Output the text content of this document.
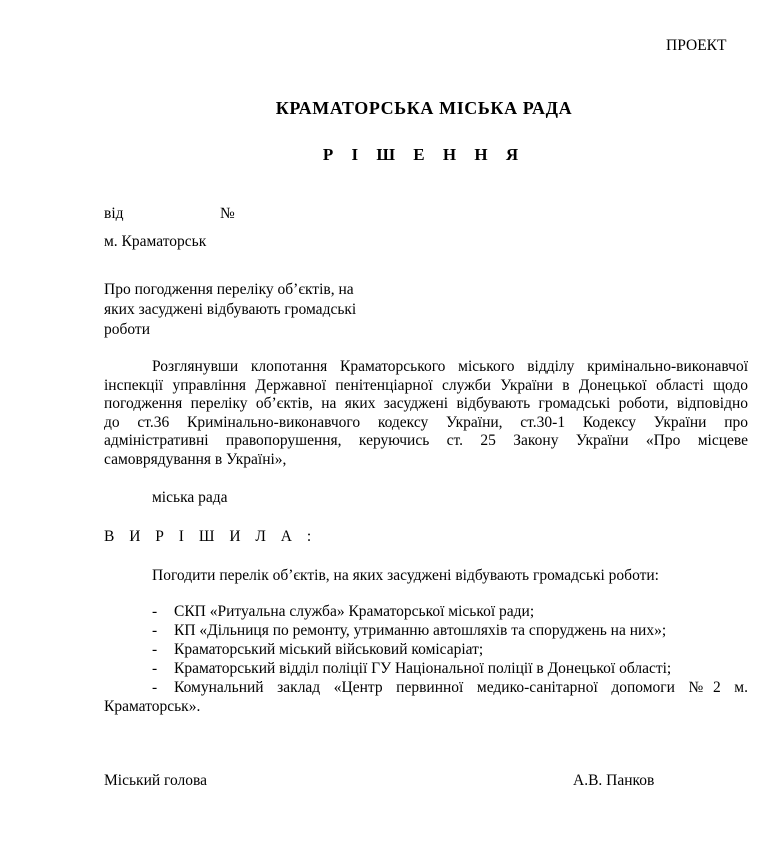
ПРОЕКТ
КРАМАТОРСЬКА МІСЬКА РАДА
Р І Ш Е Н Н Я
від	№
м. Краматорськ
Про погодження переліку об’єктів, на
яких засуджені відбувають громадські
роботи
Розглянувши клопотання Краматорського міського відділу кримінально-виконавчої
інспекції управління Державної пенітенціарної служби України в Донецької області щодо
погодження переліку об’єктів, на яких засуджені відбувають громадські роботи, відповідно
до ст.36 Кримінально-виконавчого кодексу України, ст.30-1 Кодексу України про
адміністративні правопорушення, керуючись ст. 25 Закону України «Про місцеве
самоврядування в Україні»,
міська рада
В И Р І Ш И Л А :
Погодити перелік об’єктів, на яких засуджені відбувають громадські роботи:
- СКП «Ритуальна служба» Краматорської міської ради;
- КП «Дільниця по ремонту, утриманню автошляхів та споруджень на них»;
- Краматорський міський військовий комісаріат;
- Краматорський відділ поліції ГУ Національної поліції в Донецької області;
-	Комунальний заклад «Центр первинної медико-санітарної допомоги №2 м.
Краматорськ».
Міський голова	А.В. Панков
